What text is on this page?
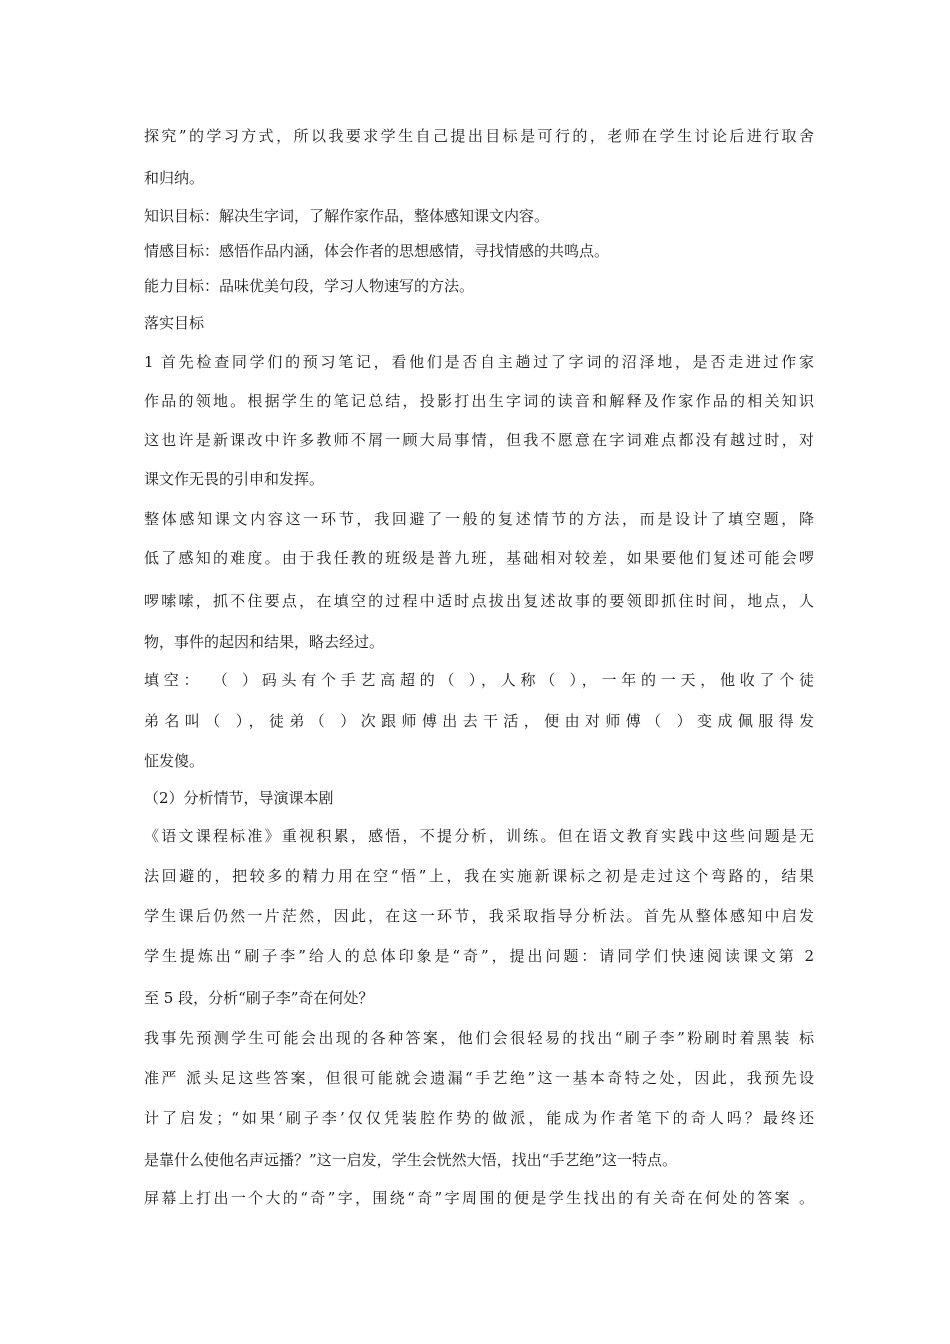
探究”的学习方式，所以我要求学生自己提出目标是可行的，老师在学生讨论后进行取舍
和归纳。
知识目标：解决生字词，了解作家作品，整体感知课文内容。
情感目标：感悟作品内涵，体会作者的思想感情，寻找情感的共鸣点。
能力目标：品味优美句段，学习人物速写的方法。
落实目标
1 首先检查同学们的预习笔记，看他们是否自主趟过了字词的沼泽地，是否走进过作家
作品的领地。根据学生的笔记总结，投影打出生字词的读音和解释及作家作品的相关知识
这也许是新课改中许多教师不屑一顾大局事情，但我不愿意在字词难点都没有越过时，对
课文作无畏的引申和发挥。
整体感知课文内容这一环节，我回避了一般的复述情节的方法，而是设计了填空题，降
低了感知的难度。由于我任教的班级是普九班，基础相对较差，如果要他们复述可能会啰
啰嗦嗦，抓不住要点，在填空的过程中适时点拔出复述故事的要领即抓住时间，地点，人
物，事件的起因和结果，略去经过。
填空： （ ）码头有个手艺高超的（ ），人称（ ），一年的一天，他收了个徒
弟名叫（ ），徒弟（ ）次跟师傅出去干活，便由对师傅（ ）变成佩服得发
怔发傻。
（2）分析情节，导演课本剧
《语文课程标准》重视积累，感悟，不提分析，训练。但在语文教育实践中这些问题是无
法回避的，把较多的精力用在空“悟”上，我在实施新课标之初是走过这个弯路的，结果
学生课后仍然一片茫然，因此，在这一环节，我采取指导分析法。首先从整体感知中启发
学生提炼出“刷子李”给人的总体印象是“奇”，提出问题：请同学们快速阅读课文第 2
至 5 段，分析“刷子李”奇在何处？
我事先预测学生可能会出现的各种答案，他们会很轻易的找出“刷子李”粉刷时着黑装 标
准严 派头足这些答案，但很可能就会遗漏“手艺绝”这一基本奇特之处，因此，我预先设
计了启发；“如果‘刷子李’仅仅凭装腔作势的做派，能成为作者笔下的奇人吗？最终还
是靠什么使他名声远播？”这一启发，学生会恍然大悟，找出“手艺绝”这一特点。
屏幕上打出一个大的“奇”字，围绕“奇”字周围的便是学生找出的有关奇在何处的答案 。
